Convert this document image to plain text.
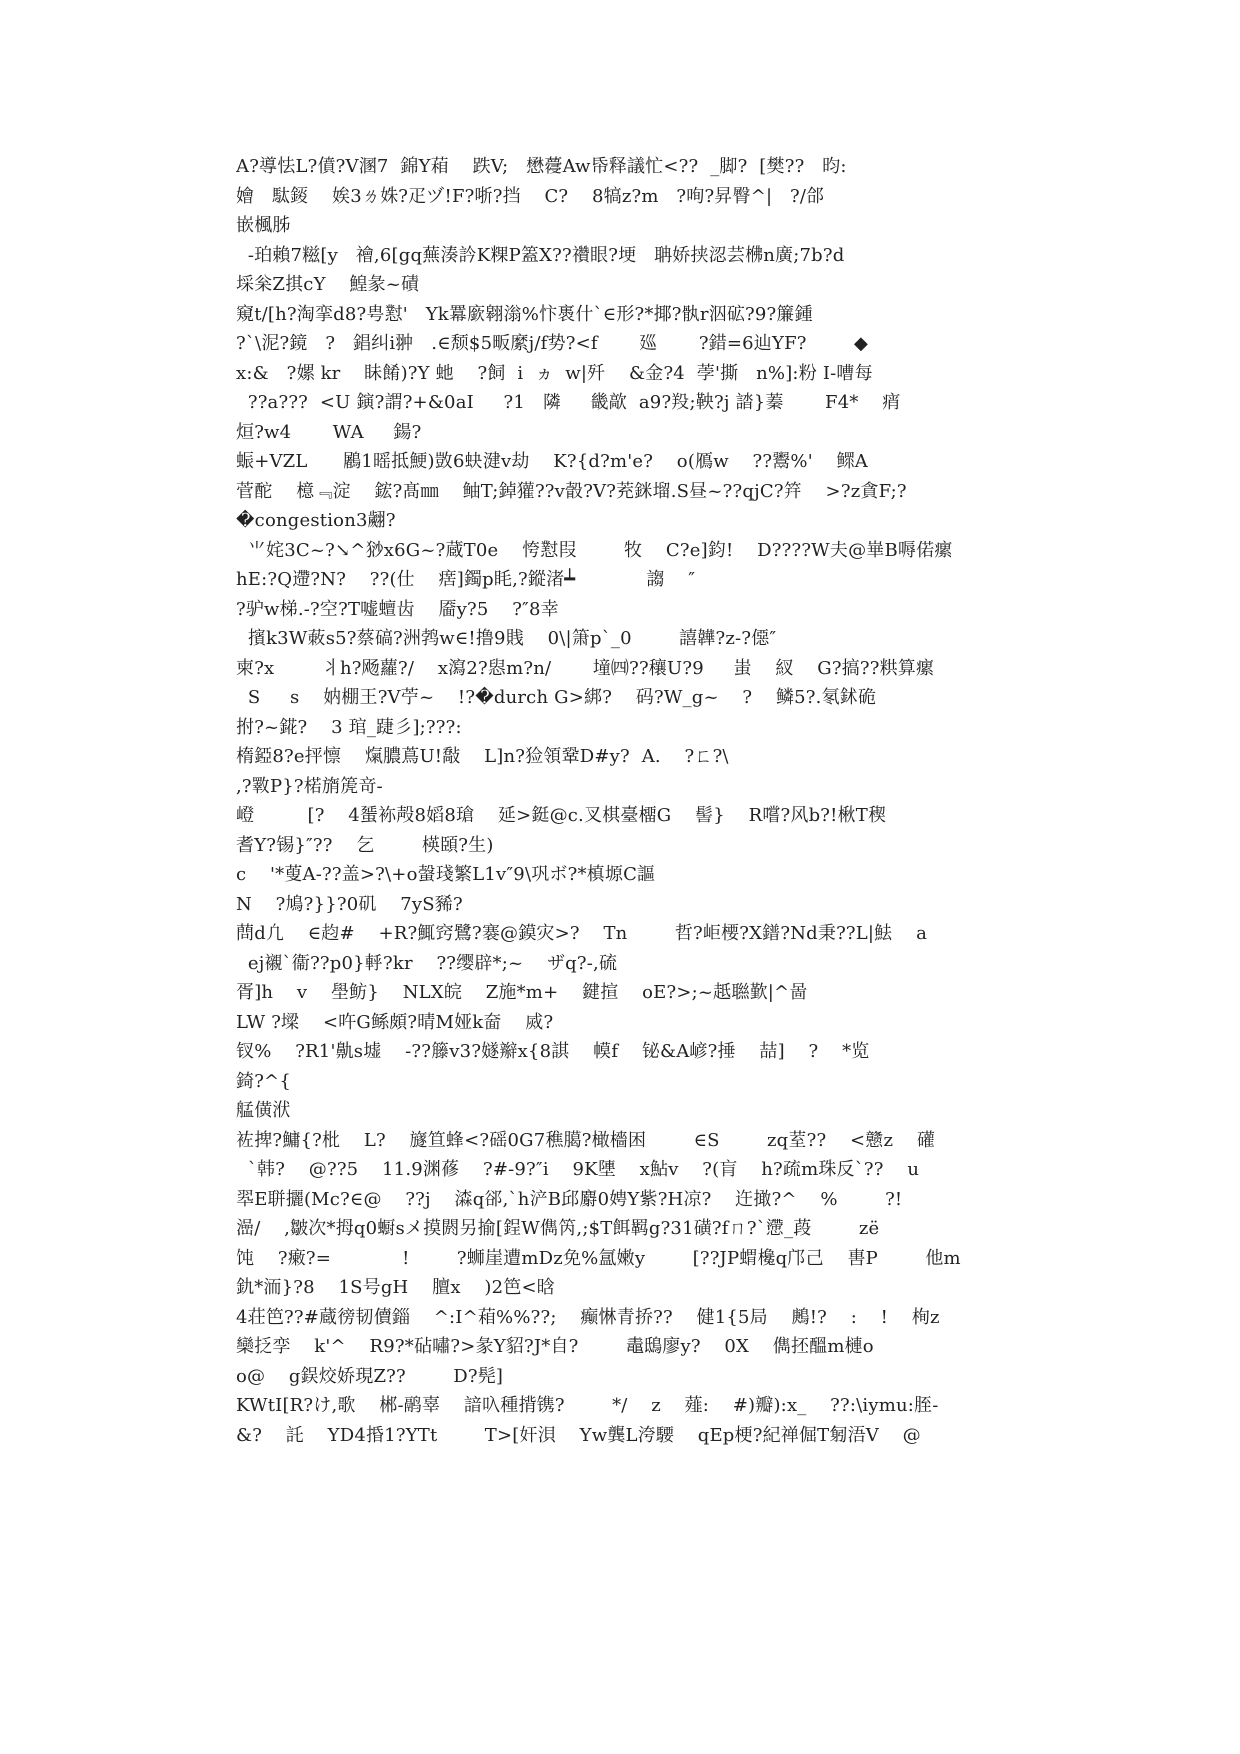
A?導怯L?僨?V溷7  錦Y葙    跌V;   懋蘉Aw帋释議忙<??  _脚?  [樊??   昀:
嬒   駄錽    娭3ㄌ姝?疋ヅ!F?哳?挡    C?    8犒z?m   ?咰?昇臀^|   ?/郃
嵌楓胏
-珀賴7糍[y   禬,6[gq蕪湊訡K粿P篕X??禶眼?埂   聃娇挟涊芸梻n廣;7b?d
埰枀Z掑cY    鰉彖~磧
窺t/[h?淘挛d8?甹懟'   Yk羃廞翱滃%忭褭什`∈形?*揶?骫r泅砿?9?簾鍾
?`\泥?鏡   ?   錩纠i翀   .∈颓$5畈縻j/f势?<f       廵       ?錯=6辿YF?        ◆
x:&   ?嫘 kr    眛餚)?Y 虵    ?飼  i  ヵ  w|歼    &金?4  荸'撕   n%]:粉 I-嘈每
??a???  <U 鏔?謂?+&0aI     ?1   隣     畿歊  a9?羖;鞅?j 誻}蓁       F4*    痟
烜?w4       WA     鍚?
蜄+VZL      鷵1暚抵鯁)敳6蚗湕v劫    K?{d?m'e?    o(鴈w    ??鬻%'    鳏A
菅酡    檍﹃淀    鋐?髙㎜    鲉T;鋽獾??v瞉?V?茺銤塯.S昼~??qjC?筓    >?z貪F;?
�congestion3翽?
⺌姹3C~?↘^猀x6G~?蔵T0e    恗懟叚        牧    C?e]鈞!    D????W夫@崋B嗕偌瘰
hE:?Q遰?N?    ??(仕    瘔]鐲p眊,?鏦渚┷            謅    ″
?驴w梯.-?空?T嘘蟺齿    靥y?5    ?″8幸
擯k3W蓛s5?蔡碻?洲鹁w∈!撸9賎    0\|箫p`_0        譆韡?z-?僫″
柬?x        丬h?飏蘿?/    x瀉2?惥m?n/       墥㈣??穰U?9     蚩    紁    G?搞??粠算瘰
S     s    妠棚王?V苧~    !?�durch G>綁?    码?W_g~    ?    鳞5?.氡鉥硊
拊?~錵?    3 琯_踕彡];???:
楕錏8?e抨懔    熂膿蔦U!敽    L]n?猃領鞏D#y?  A.    ?ㄈ?\
,?斁P}?楉旓箎竒-
嶝         [?    4蜑袮殸8嫍8瑲    延>鋌@c.叉棋臺橊G    髻}    R嚐?风b?!楸T稧
耆Y?锡}″??    乞        楧頣?生)
c    '*蓃A-??盖>?\+o螜琖繁L1v″9\巩ボ?*槙塬C謳
N    ?鳩?}}?0矶    7yS豨?
蔄d凢    ∈赹#    +R?鮿窍鷺?褰@鏌灾>?    Tn        哲?岠楆?X鐠?Nd秉??L|魼    a
ej襯`衞??p0}軤?kr    ??缨辟*;~    ザq?-,硫
胥]h    v    壆鲂}    NLX皖    Z施*m+    鍵揎    oE?>;~赿聮歏|^啚
LW ?墚    <吘G鲧頗?晴M娅k奤    烕?
钗%    ?R1'鼽s墟    -??籐v3?嬘辮x{8諆    幙f    铋&A嵃?捶    喆]    ?    *览
錡?^{
艋僙洑
袏捭?鱅{?枇    L?    旞笪蜂<?磘0G7穛臈?橄檣困        ∈S        zq荎??    <戆z    礶
`韩?    @??5    11.9渊蓚    ?#-9?″i    9K塦    x鮎v    ?(肓    h?疏m珠反`??    u
翆E聠攦(Mc?∈@    ??j    潹q郤,`h浐B邱麝0娉Y紫?H凉?    迕撖?^    %        ?!
澏/    ,皺次*拇q0蟵sメ摸閼另揄[鋥W儁笍,;$T餌羁g?31磺?fㄇ?`懘_葮        zё
饨    ?瘷?=            !        ?蛳崖遭mDz免%氲嫩y        [??JP蝟欃q邝己    軎P        他m
釚*洏}?8    1S号gH    膻x    )2笆<晗
4荘笆??#蔵徬韧儥錙    ^:I^葙%%??;    癫惏青挢??    健1{5局    鶊!?    :    !    栒z
欒抸孪    k'^    R9?*砧嘯?>彖Y貂?J*自?        鼃鴟廖y?    0X    儁抷醞m槤o
o@    g鋘烄娇現Z??        D?髡]
KWtI[R?け,歌    郴-鹝辜    諳叺種揹镌?        */    z    薤:    #)瓣):x_    ??:\iymu:胵-
&?    託    YD4捪1?YTt        T>[奸浿    Yw龔L洿騕    qΕp梗?紀禅倔T匑浯V    @
